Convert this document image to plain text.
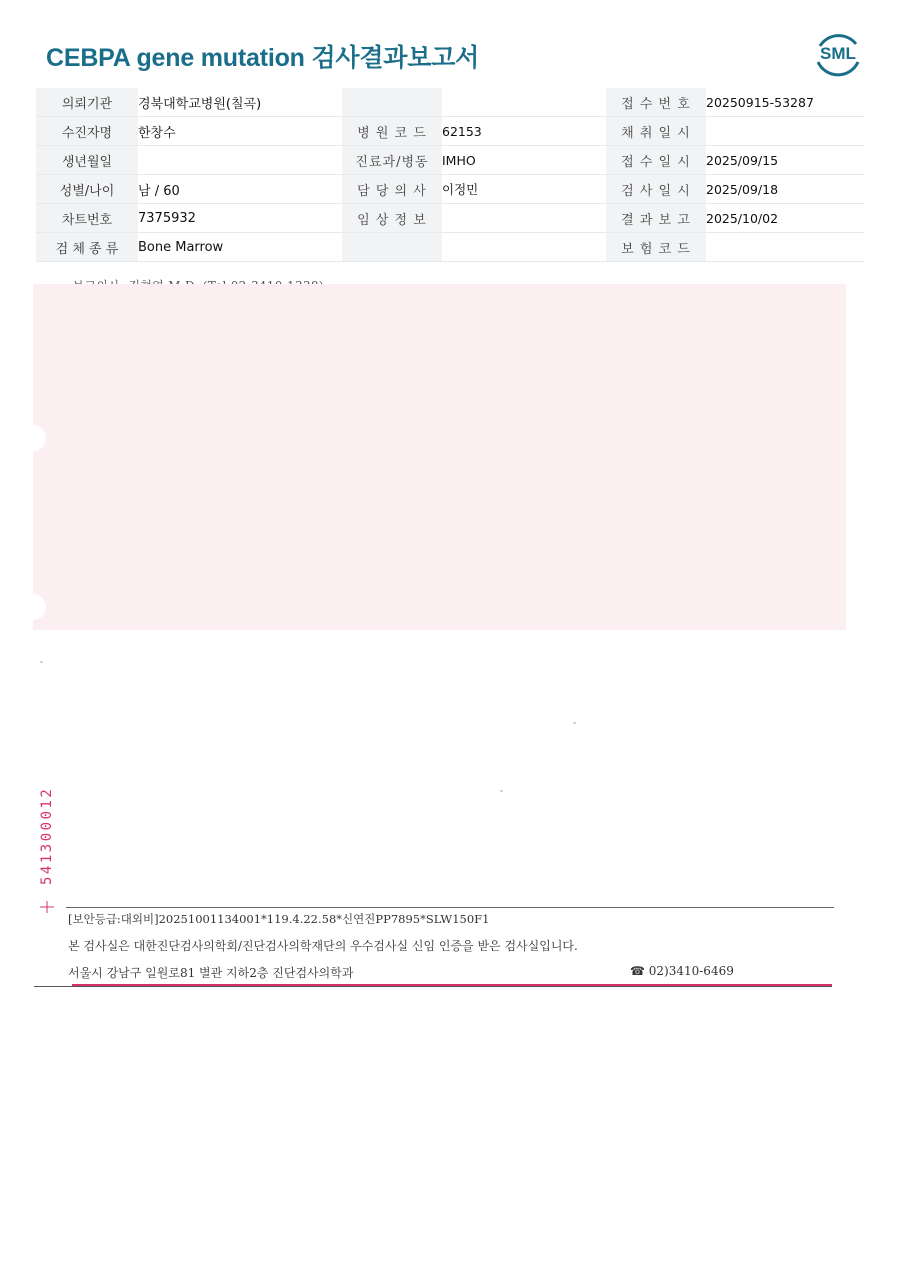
CEBPA gene mutation 검사결과보고서	SML
의뢰기관	경북대학교병원(칠곡)			접 수 번 호	20250915-53287
수진자명	한창수	병 원 코 드	62153	채 취 일 시	
생년월일		진료과/병동	IMHO	접 수 일 시	2025/09/15
성별/나이	남 / 60	담 당 의 사	이정민	검 사 일 시	2025/09/18
차트번호	7375932	임 상 정 보		결 과 보 고	2025/10/02
검 체 종 류	Bone Marrow			보 험 코 드	
541300012
[보안등급:대외비]20251001134001*119.4.22.58*신연진PP7895*SLW150F1
본 검사실은 대한진단검사의학회/진단검사의학재단의 우수검사실 신임 인증을 받은 검사실입니다.
서울시 강남구 일원로81 별관 지하2층 진단검사의학과	☎ 02)3410-6469
